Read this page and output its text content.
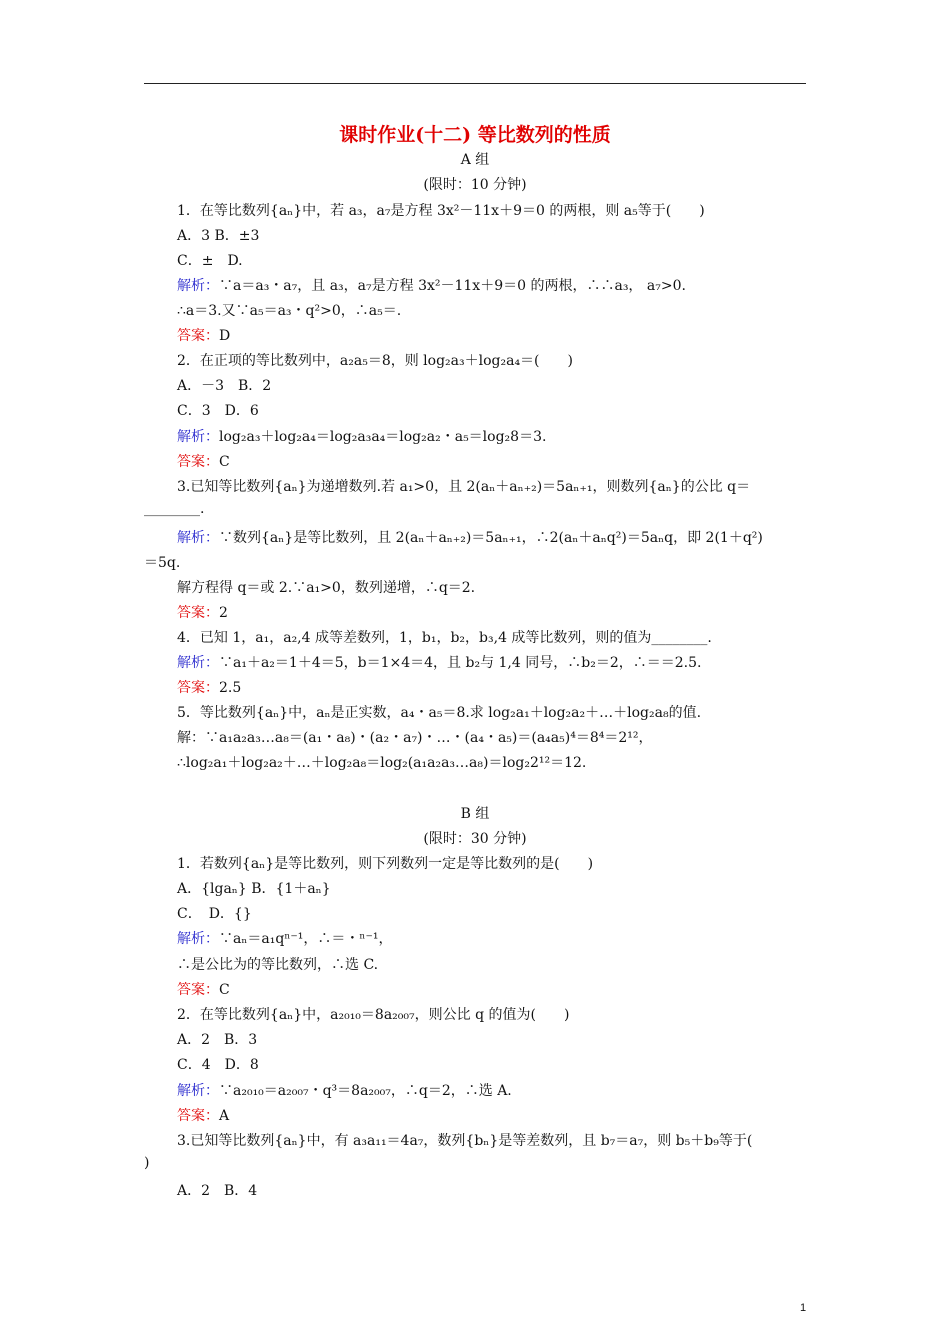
课时作业(十二) 等比数列的性质
A 组
(限时：10 分钟)
1．在等比数列{aₙ}中，若 a₃，a₇是方程 3x²－11x＋9＝0 的两根，则 a₅等于(　　)
A．3 B．±3
C．±　D.
解析：∵a＝a₃・a₇，且 a₃，a₇是方程 3x²－11x＋9＝0 的两根，∴∴a₃， a₇>0.
∴a＝3.又∵a₅＝a₃・q²>0，∴a₅＝.
答案：D
2．在正项的等比数列中，a₂a₅＝8，则 log₂a₃＋log₂a₄＝(　　)
A．－3　B．2
C．3　D．6
解析：log₂a₃＋log₂a₄＝log₂a₃a₄＝log₂a₂・a₅＝log₂8＝3.
答案：C
3.已知等比数列{aₙ}为递增数列.若 a₁>0，且 2(aₙ＋aₙ₊₂)＝5aₙ₊₁，则数列{aₙ}的公比 q＝
________.
解析：∵数列{aₙ}是等比数列，且 2(aₙ＋aₙ₊₂)＝5aₙ₊₁，∴2(aₙ＋aₙq²)＝5aₙq，即 2(1＋q²)
＝5q.
解方程得 q＝或 2.∵a₁>0，数列递增，∴q＝2.
答案：2
4．已知 1，a₁，a₂,4 成等差数列，1，b₁，b₂，b₃,4 成等比数列，则的值为________.
解析：∵a₁＋a₂＝1＋4＝5，b＝1×4＝4，且 b₂与 1,4 同号，∴b₂＝2，∴＝＝2.5.
答案：2.5
5．等比数列{aₙ}中，aₙ是正实数，a₄・a₅＝8.求 log₂a₁＋log₂a₂＋…＋log₂a₈的值.
解：∵a₁a₂a₃…a₈＝(a₁・a₈)・(a₂・a₇)・…・(a₄・a₅)＝(a₄a₅)⁴＝8⁴＝2¹²，
∴log₂a₁＋log₂a₂＋…＋log₂a₈＝log₂(a₁a₂a₃…a₈)＝log₂2¹²＝12.
B 组
(限时：30 分钟)
1．若数列{aₙ}是等比数列，则下列数列一定是等比数列的是(　　)
A．{lgaₙ} B．{1＋aₙ}
C．　D．{}
解析：∵aₙ＝a₁qⁿ⁻¹，∴＝・ⁿ⁻¹，
∴是公比为的等比数列，∴选 C.
答案：C
2．在等比数列{aₙ}中，a₂₀₁₀＝8a₂₀₀₇，则公比 q 的值为(　　)
A．2　B．3
C．4　D．8
解析：∵a₂₀₁₀＝a₂₀₀₇・q³＝8a₂₀₀₇，∴q＝2，∴选 A.
答案：A
3.已知等比数列{aₙ}中，有 a₃a₁₁＝4a₇，数列{bₙ}是等差数列，且 b₇＝a₇，则 b₅＋b₉等于(
)
A．2　B．4
1
